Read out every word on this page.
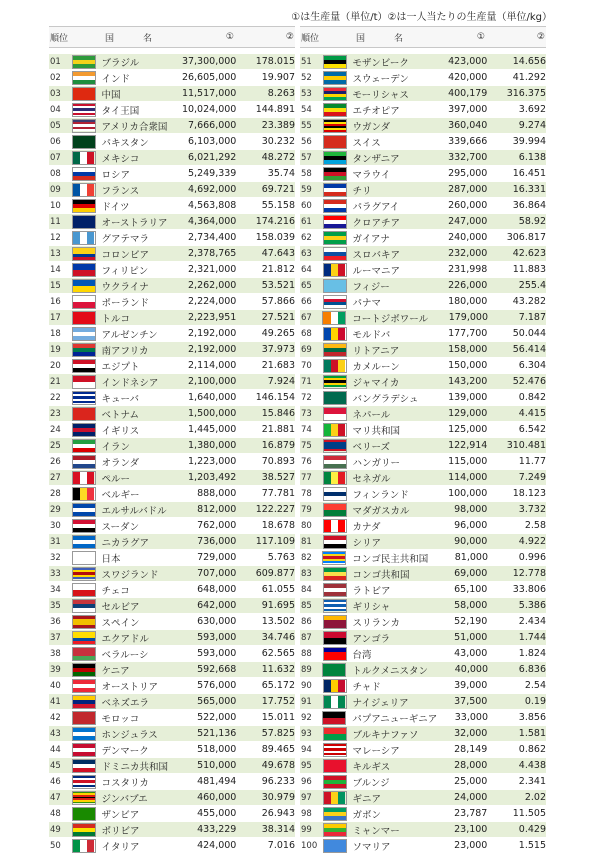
①は生産量（単位/t）②は一人当たりの生産量（単位/kg）
順位	国　名	①	②
01	ブラジル	37,300,000	178.015
02	インド	26,605,000	19.907
03	中国	11,517,000	8.263
04	タイ王国	10,024,000	144.891
05	アメリカ合衆国	7,666,000	23.389
06	パキスタン	6,103,000	30.232
07	メキシコ	6,021,292	48.272
08	ロシア	5,249,339	35.74
09	フランス	4,692,000	69.721
10	ドイツ	4,563,808	55.158
11	オーストラリア	4,364,000	174.216
12	グアテマラ	2,734,400	158.039
13	コロンビア	2,378,765	47.643
14	フィリピン	2,321,000	21.812
15	ウクライナ	2,262,000	53.521
16	ポーランド	2,224,000	57.866
17	トルコ	2,223,951	27.521
18	アルゼンチン	2,192,000	49.265
19	南アフリカ	2,192,000	37.973
20	エジプト	2,114,000	21.683
21	インドネシア	2,100,000	7.924
22	キューバ	1,640,000	146.154
23	ベトナム	1,500,000	15.846
24	イギリス	1,445,000	21.881
25	イラン	1,380,000	16.879
26	オランダ	1,223,000	70.893
27	ペルー	1,203,492	38.527
28	ベルギー	888,000	77.781
29	エルサルバドル	812,000	122.227
30	スーダン	762,000	18.678
31	ニカラグア	736,000	117.109
32	日本	729,000	5.763
33	スワジランド	707,000	609.877
34	チェコ	648,000	61.055
35	セルビア	642,000	91.695
36	スペイン	630,000	13.502
37	エクアドル	593,000	34.746
38	ベラルーシ	593,000	62.565
39	ケニア	592,668	11.632
40	オーストリア	576,000	65.172
41	ベネズエラ	565,000	17.752
42	モロッコ	522,000	15.011
43	ホンジュラス	521,136	57.825
44	デンマーク	518,000	89.465
45	ドミニカ共和国	510,000	49.678
46	コスタリカ	481,494	96.233
47	ジンバブエ	460,000	30.979
48	ザンビア	455,000	26.943
49	ボリビア	433,229	38.314
50	イタリア	424,000	7.016
順位	国　名	①	②
51	モザンビーク	423,000	14.656
52	スウェーデン	420,000	41.292
53	モーリシャス	400,179	316.375
54	エチオピア	397,000	3.692
55	ウガンダ	360,040	9.274
56	スイス	339,666	39.994
57	タンザニア	332,700	6.138
58	マラウイ	295,000	16.451
59	チリ	287,000	16.331
60	パラグアイ	260,000	36.864
61	クロアチア	247,000	58.92
62	ガイアナ	240,000	306.817
63	スロバキア	232,000	42.623
64	ルーマニア	231,998	11.883
65	フィジー	226,000	255.4
66	パナマ	180,000	43.282
67	コートジボワール	179,000	7.187
68	モルドバ	177,700	50.044
69	リトアニア	158,000	56.414
70	カメルーン	150,000	6.304
71	ジャマイカ	143,200	52.476
72	バングラデシュ	139,000	0.842
73	ネパール	129,000	4.415
74	マリ共和国	125,000	6.542
75	ベリーズ	122,914	310.481
76	ハンガリー	115,000	11.77
77	セネガル	114,000	7.249
78	フィンランド	100,000	18.123
79	マダガスカル	98,000	3.732
80	カナダ	96,000	2.58
81	シリア	90,000	4.922
82	コンゴ民主共和国	81,000	0.996
83	コンゴ共和国	69,000	12.778
84	ラトビア	65,100	33.806
85	ギリシャ	58,000	5.386
86	スリランカ	52,190	2.434
87	アンゴラ	51,000	1.744
88	台湾	43,000	1.824
89	トルクメニスタン	40,000	6.836
90	チャド	39,000	2.54
91	ナイジェリア	37,500	0.19
92	パプアニューギニア	33,000	3.856
93	ブルキナファソ	32,000	1.581
94	マレーシア	28,149	0.862
95	キルギス	28,000	4.438
96	ブルンジ	25,000	2.341
97	ギニア	24,000	2.02
98	ガボン	23,787	11.505
99	ミャンマー	23,100	0.429
100	ソマリア	23,000	1.515
